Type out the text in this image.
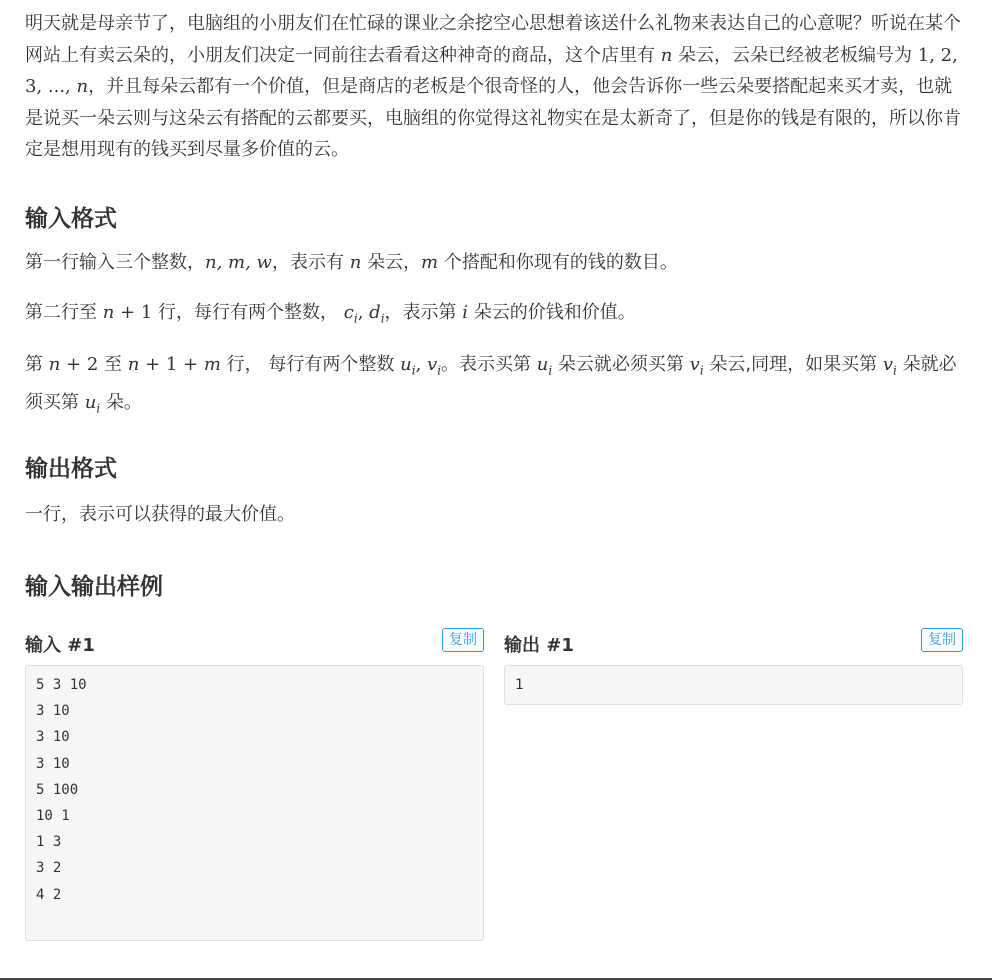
明天就是母亲节了，电脑组的小朋友们在忙碌的课业之余挖空心思想着该送什么礼物来表达自己的心意呢？听说在某个网站上有卖云朵的，小朋友们决定一同前往去看看这种神奇的商品，这个店里有 n 朵云，云朵已经被老板编号为 1, 2, 3, ..., n，并且每朵云都有一个价值，但是商店的老板是个很奇怪的人，他会告诉你一些云朵要搭配起来买才卖，也就是说买一朵云则与这朵云有搭配的云都要买，电脑组的你觉得这礼物实在是太新奇了，但是你的钱是有限的，所以你肯定是想用现有的钱买到尽量多价值的云。

输入格式

第一行输入三个整数，n, m, w，表示有 n 朵云，m 个搭配和你现有的钱的数目。

第二行至 n + 1 行，每行有两个整数， $c_i$, $d_i$，表示第 i 朵云的价钱和价值。

第 n + 2 至 n + 1 + m 行， 每行有两个整数 $u_i$, $v_i$。表示买第 $u_i$ 朵云就必须买第 $v_i$ 朵云,同理，如果买第 $v_i$ 朵就必须买第 $u_i$ 朵。

输出格式

一行，表示可以获得的最大价值。

输入输出样例
输入 #1	复制
5 3 10
3 10
3 10
3 10
5 100
10 1
1 3
3 2
4 2
输出 #1	复制
1
